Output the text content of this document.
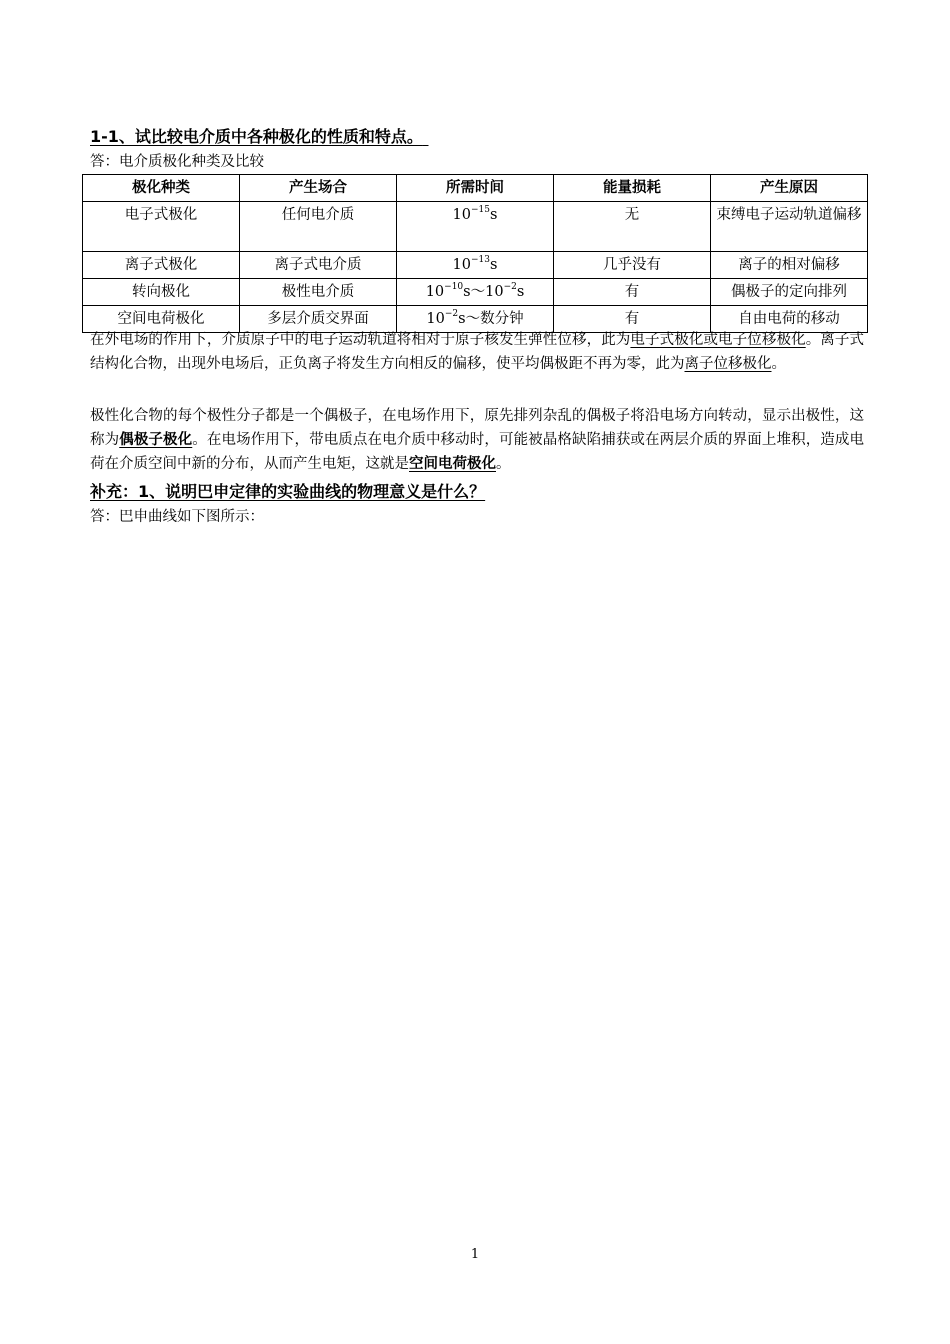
1-1、试比较电介质中各种极化的性质和特点。

答：电介质极化种类及比较

极化种类	产生场合	所需时间	能量损耗	产生原因
电子式极化	任何电介质	$10^{-15}s$	无	束缚电子运动轨道偏移
离子式极化	离子式电介质	$10^{-13}s$	几乎没有	离子的相对偏移
转向极化	极性电介质	$10^{-10}s\sim 10^{-2}s$	有	偶极子的定向排列
空间电荷极化	多层介质交界面	$10^{-2}s\sim$数分钟	有	自由电荷的移动

在外电场的作用下，介质原子中的电子运动轨道将相对于原子核发生弹性位移，此为电子式极化或电子位移极化。离子式结构化合物，出现外电场后，正负离子将发生方向相反的偏移，使平均偶极距不再为零，此为离子位移极化。

极性化合物的每个极性分子都是一个偶极子，在电场作用下，原先排列杂乱的偶极子将沿电场方向转动，显示出极性，这称为偶极子极化。在电场作用下，带电质点在电介质中移动时，可能被晶格缺陷捕获或在两层介质的界面上堆积，造成电荷在介质空间中新的分布，从而产生电矩，这就是空间电荷极化。

补充：1、说明巴申定律的实验曲线的物理意义是什么？

答：巴申曲线如下图所示：

1
